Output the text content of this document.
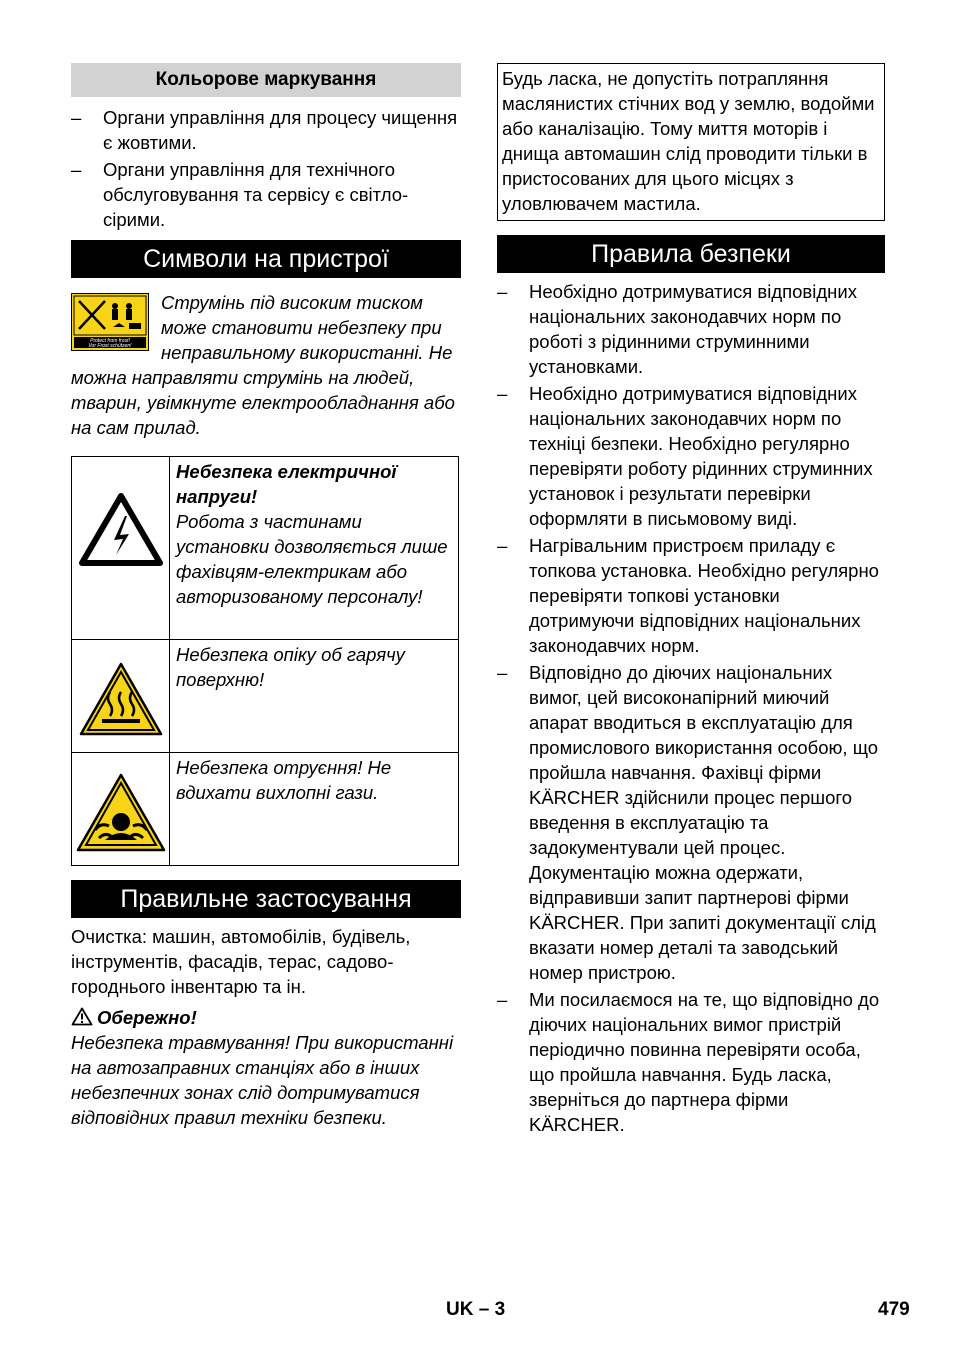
Кольорове маркування
– Органи управління для процесу чищення є жовтими.
– Органи управління для технічного обслуговування та сервісу є світло-сірими.
Символи на пристрої
Protect from frost!
Vor Frost schützen!
Струмінь під високим тиском може становити небезпеку при неправильному використанні. Не можна направляти струмінь на людей, тварин, увімкнуте електрообладнання або на сам прилад.

Небезпека електричної напруги!
Робота з частинами установки дозволяється лише фахівцям-електрикам або авторизованому персоналу!

	Небезпека опіку об гарячу поверхню!
	Небезпека отруєння! Не вдихати вихлопні гази.
Правильне застосування
Очистка: машин, автомобілів, будівель, інструментів, фасадів, терас, садово-городнього інвентарю та ін.
Обережно!
Небезпека травмування! При використанні на автозаправних станціях або в інших небезпечних зонах слід дотримуватися відповідних правил техніки безпеки.
Будь ласка, не допустіть потрапляння маслянистих стічних вод у землю, водойми або каналізацію. Тому миття моторів і днища автомашин слід проводити тільки в пристосованих для цього місцях з уловлювачем мастила.
Правила безпеки
– Необхідно дотримуватися відповідних національних законодавчих норм по роботі з рідинними струминними установками.
– Необхідно дотримуватися відповідних національних законодавчих норм по техніці безпеки. Необхідно регулярно перевіряти роботу рідинних струминних установок і результати перевірки оформляти в письмовому виді.
– Нагрівальним пристроєм приладу є топкова установка. Необхідно регулярно перевіряти топкові установки дотримуючи відповідних національних законодавчих норм.
– Відповідно до діючих національних вимог, цей високонапірний миючий апарат вводиться в експлуатацію для промислового використання особою, що пройшла навчання. Фахівці фірми KÄRCHER здійснили процес першого введення в експлуатацію та задокументували цей процес. Документацію можна одержати, відправивши запит партнерові фірми KÄRCHER. При запиті документації слід вказати номер деталі та заводський номер пристрою.
– Ми посилаємося на те, що відповідно до діючих національних вимог пристрій періодично повинна перевіряти особа, що пройшла навчання. Будь ласка, зверніться до партнера фірми KÄRCHER.
UK – 3	479
